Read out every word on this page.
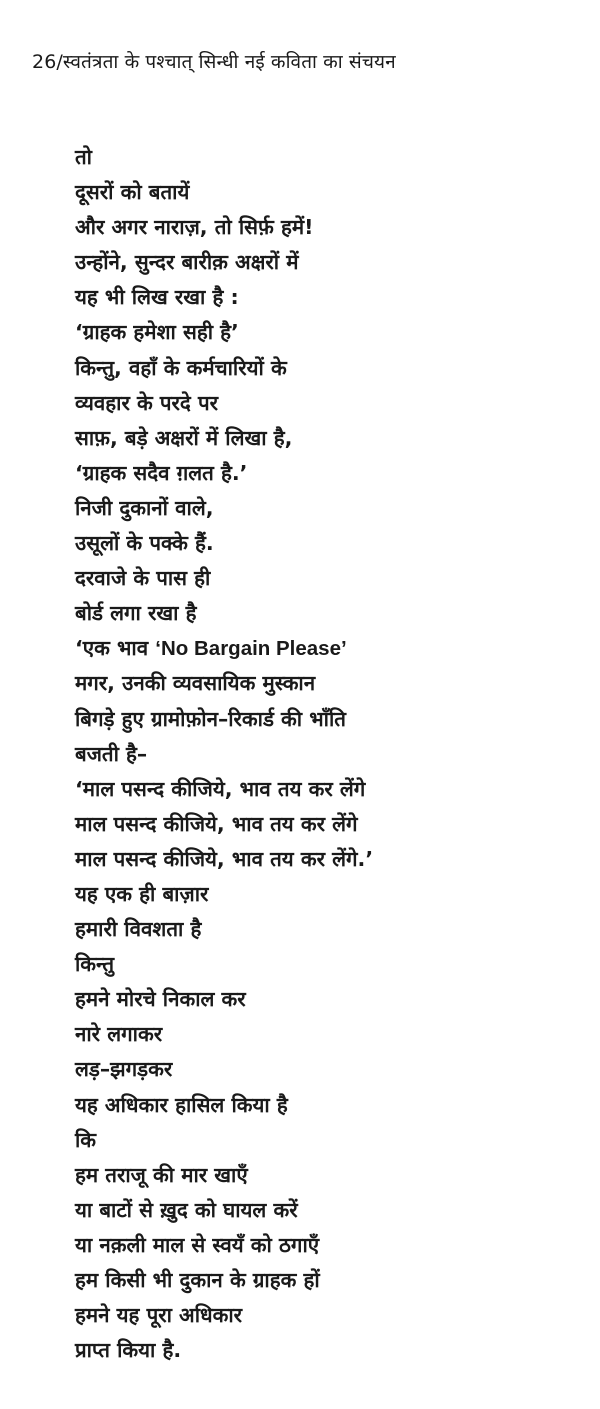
26/स्वतंत्रता के पश्चात् सिन्धी नई कविता का संचयन
तो
दूसरों को बतायें
और अगर नाराज़, तो सिर्फ़ हमें!
उन्होंने, सुन्दर बारीक़ अक्षरों में
यह भी लिख रखा है :
‘ग्राहक हमेशा सही है’
किन्तु, वहाँ के कर्मचारियों के
व्यवहार के परदे पर
साफ़, बड़े अक्षरों में लिखा है,
‘ग्राहक सदैव ग़लत है.’
निजी दुकानों वाले,
उसूलों के पक्के हैं.
दरवाजे के पास ही
बोर्ड लगा रखा है
‘एक भाव ‘No Bargain Please’
मगर, उनकी व्यवसायिक मुस्कान
बिगड़े हुए ग्रामोफ़ोन–रिकार्ड की भाँति
बजती है–
‘माल पसन्द कीजिये, भाव तय कर लेंगे
माल पसन्द कीजिये, भाव तय कर लेंगे
माल पसन्द कीजिये, भाव तय कर लेंगे.’
यह एक ही बाज़ार
हमारी विवशता है
किन्तु
हमने मोरचे निकाल कर
नारे लगाकर
लड़–झगड़कर
यह अधिकार हासिल किया है
कि
हम तराजू की मार खाएँ
या बाटों से ख़ुद को घायल करें
या नक़ली माल से स्वयँ को ठगाएँ
हम किसी भी दुकान के ग्राहक हों
हमने यह पूरा अधिकार
प्राप्त किया है.
